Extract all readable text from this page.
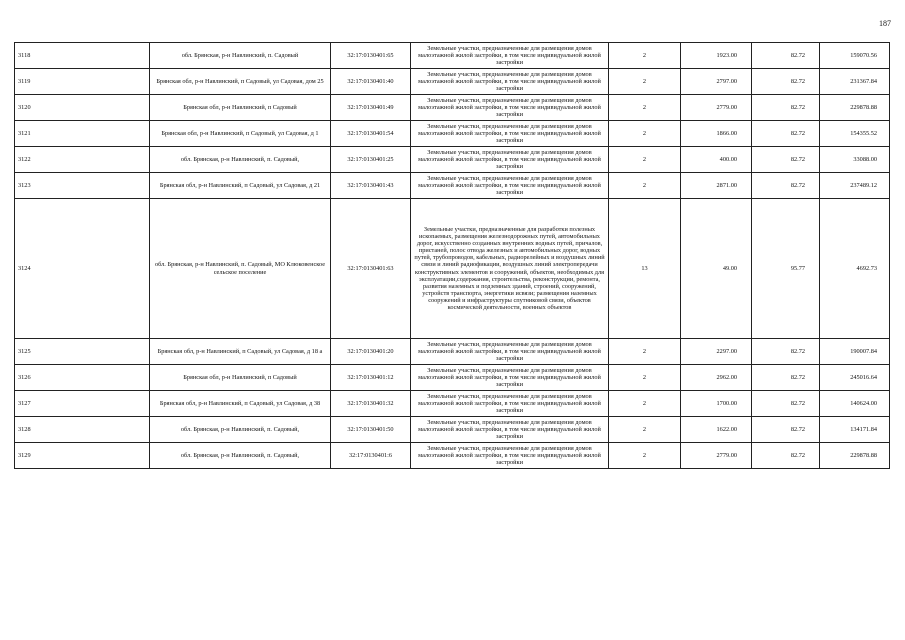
187
3118	обл. Брянская, р-н Навлинский, п. Садовый	32:17:0130401:65	Земельные участки, предназначенные для размещения домов малоэтажной жилой застройки, в том числе индивидуальной жилой застройки	2	1923.00	82.72	159070.56
3119	Брянская обл, р-н Навлинский, п Садовый, ул Садовая, дом 25	32:17:0130401:40	Земельные участки, предназначенные для размещения домов малоэтажной жилой застройки, в том числе индивидуальной жилой застройки	2	2797.00	82.72	231367.84
3120	Брянская обл, р-н Навлинский, п Садовый	32:17:0130401:49	Земельные участки, предназначенные для размещения домов малоэтажной жилой застройки, в том числе индивидуальной жилой застройки	2	2779.00	82.72	229878.88
3121	Брянская обл, р-н Навлинский, п Садовый, ул Садовая, д 1	32:17:0130401:54	Земельные участки, предназначенные для размещения домов малоэтажной жилой застройки, в том числе индивидуальной жилой застройки	2	1866.00	82.72	154355.52
3122	обл. Брянская, р-н Навлинский, п. Садовый,	32:17:0130401:25	Земельные участки, предназначенные для размещения домов малоэтажной жилой застройки, в том числе индивидуальной жилой застройки	2	400.00	82.72	33088.00
3123	Брянская обл, р-н Навлинский, п Садовый, ул Садовая, д 21	32:17:0130401:43	Земельные участки, предназначенные для размещения домов малоэтажной жилой застройки, в том числе индивидуальной жилой застройки	2	2871.00	82.72	237489.12
3124	обл. Брянская, р-н Навлинский, п. Садовый, МО Клюковенское сельское поселение	32:17:0130401:63	Земельные участки, предназначенные для разработки полезных ископаемых, размещения железнодорожных путей, автомобильных дорог, искусственно созданных внутренних водных путей, причалов, пристаней, полос отвода железных и автомобильных дорог, водных путей, трубопроводов, кабельных, радиорелейных и воздушных линий связи и линий радиофикации, воздушных линий электропередачи конструктивных элементов и сооружений, объектов, необходимых для эксплуатации,содержания, строительства, реконструкции, ремонта, развития наземных и подземных зданий, строений, сооружений, устройств транспорта, энергетики исвязи; размещения наземных сооружений и инфраструктуры спутниковой связи, объектов космической деятельности, военных объектов	13	49.00	95.77	4692.73
3125	Брянская обл, р-н Навлинский, п Садовый, ул Садовая, д 18 а	32:17:0130401:20	Земельные участки, предназначенные для размещения домов малоэтажной жилой застройки, в том числе индивидуальной жилой застройки	2	2297.00	82.72	190007.84
3126	Брянская обл, р-н Навлинский, п Садовый	32:17:0130401:12	Земельные участки, предназначенные для размещения домов малоэтажной жилой застройки, в том числе индивидуальной жилой застройки	2	2962.00	82.72	245016.64
3127	Брянская обл, р-н Навлинский, п Садовый, ул Садовая, д 38	32:17:0130401:32	Земельные участки, предназначенные для размещения домов малоэтажной жилой застройки, в том числе индивидуальной жилой застройки	2	1700.00	82.72	140624.00
3128	обл. Брянская, р-н Навлинский, п. Садовый,	32:17:0130401:50	Земельные участки, предназначенные для размещения домов малоэтажной жилой застройки, в том числе индивидуальной жилой застройки	2	1622.00	82.72	134171.84
3129	обл. Брянская, р-н Навлинский, п. Садовый,	32:17:0130401:6	Земельные участки, предназначенные для размещения домов малоэтажной жилой застройки, в том числе индивидуальной жилой застройки	2	2779.00	82.72	229878.88
